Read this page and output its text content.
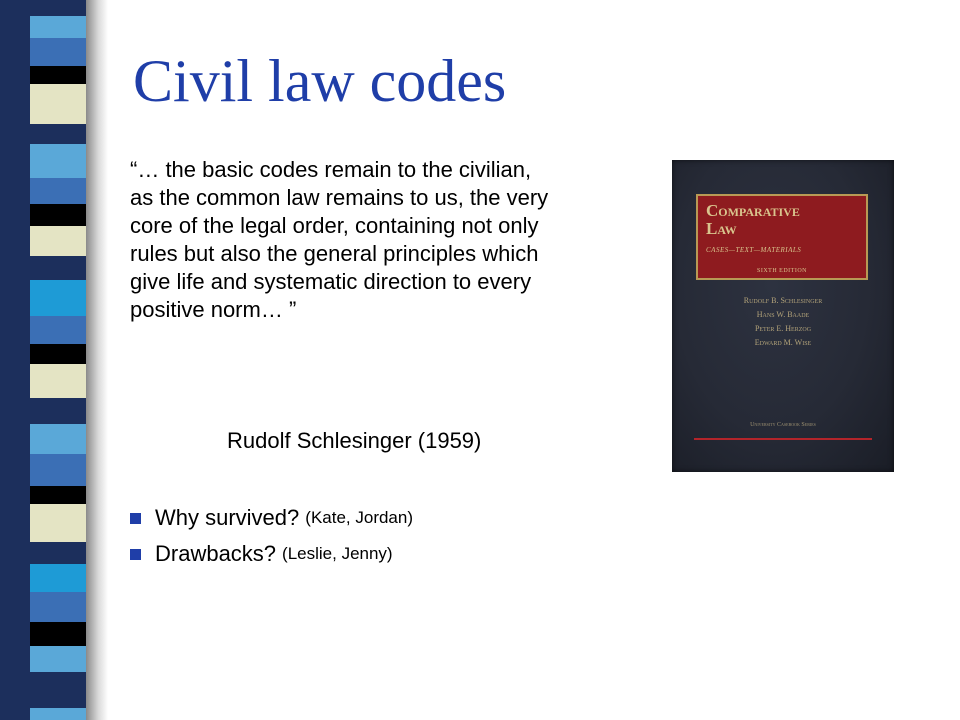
Civil law codes

“… the basic codes remain to the civilian, as the common law remains to us, the very core of the legal order, containing not only rules but also the general principles which give life and systematic direction to every positive norm… ”

Rudolf Schlesinger (1959)

Why survived? (Kate, Jordan)
Drawbacks? (Leslie, Jenny)

Comparative
Law

CASES—TEXT—MATERIALS
SIXTH EDITION
Rudolf B. Schlesinger
Hans W. Baade
Peter E. Herzog
Edward M. Wise
University Casebook Series
